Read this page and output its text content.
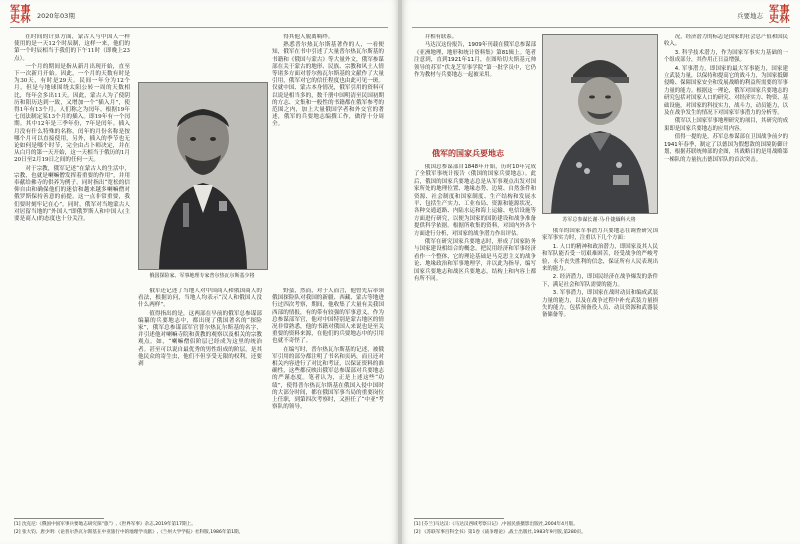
军事
史林 2020年03期

在时间的计算方面，蒙古人与中国人一样使用的是一天12个时辰制，这样一来，他们的第一个时辰相当于我们的下午11时（即晚上23点）。

一个月的期间是指从新月出现开始，直至下一次新月开始。因此，一个月的天数有时是为30天，有时是29天。民间一年分为12个月，但是与地球围绕太阳公转一周的天数相比，每年会多出11天。因此，蒙古人为了使阴历和阳历达到一致，又增加一个“插入月”，使得1年有13个月。人们称之为闰年。根据19年七闰法制定某13个月的插入。即19年有一个闰期。其中12年是三季年份，7年是闰年。插入月没有什么特殊的名称，闰年的月份名称是按哪个月可以直接使用，另外，插入的季节也无论如何是哪个时节，完全由占卜师决定，并在从白月的第一天开始，这一天相当于俄历的1月20日至2月19日之间的任何一天。

对于宗教，俄军记述“在蒙古人的生活中，宗教，也就是喇嘛僧发挥着重要的作用”，并用奉献给佛寺的供养为例子。同时指出“宽松的信仰自由和确保他们的迷信和越来越多喇嘛僧对俄罗斯保持善意的前提。这一点非常重要，我们要时刻牢记在心”。同时，俄军对当地蒙古人对居留当地的“外国人”即俄罗斯人和中国人(主要是商人)的态度也十分关注。

俄国探险家、军事地理专家普尔热瓦尔斯基少将

得其他人脱离羁绊。

熟悉普尔热瓦尔斯基著作的人，一看便知，俄军在书中引述了大量普尔热瓦尔斯基的书籍和《俄国与蒙古》等大量外文，俄军参谋部在关于蒙古的地形、民族、宗教和风土人情等诸多方面对普尔热瓦尔斯基的文献作了大量引用，俄军对它的信任程度也由此可见一斑。仅就中国、蒙古本身情况，俄军引用的资料可以说是相当多的，数千册中国明清至民国初期的方志、文集和一般性的书籍都在俄军参考的范围之内，加上大量俄国学者和外交官的著述，俄军的兵要地志编撰工作，做得十分周全。

俄军还记述了当地人对中国商人和俄国商人的看法，根据访问，当地人均表示“汉人和俄国人没什么两样”。

值得指出的是，这两部在早前的俄军总参谋部编纂的兵要地志中，都出现了俄国著名的“探险家”，俄军总参谋部军官普尔热瓦尔斯基的名字，并引述他对喇嘛寺院和黄教的观察以及相关的宗教观点。如，“喇嘛僧侣阶层已经成为这里的统治者。甚至可以说自最优秀的男性组成的阶层，是其他民众的寄生虫，他们不但享受无限的权利，还要剥

野蛮，然而，对于人而言，他曾先后率领俄国探险队对我国的新疆、西藏、蒙古等地进行过四次考察，期间，他收集了大量有关我国西部的情报，有的带有较强的军事意义。作为总参谋部军官，他对中国特别是蒙古地区的情况非常熟悉，他的书籍对俄国人来说也是至关重要的资料来源，在他们的兵要地志中的引用也就不奇怪了。

在编写时，普尔热瓦尔斯基的记述，被俄军引用的部分都注明了书名和页码，而且还对相关内容进行了对比和考证，以保证资料的准确性，这些都反映出俄军总参谋部对兵要地志的严谨态度。笔者认为，正是上述这些“功绩”，使得普尔热瓦尔斯基在俄国入侵中国时的大部分时间，都在俄国军事当局的重要岗位上任职，到第四次考察时，又担任了“中亚”考察队的领导。

[1] 沈克尼:《俄国中国军事兵要地志研究探“旅”》,《世界军事》杂志,2019年第17期上。
[2] 张大钧、唐少明:《论普尔热瓦尔斯基在中亚旅行中的地理学贡献》,《兰州大学学报》社科版,1986年第1期。
兵要地志 军事
史林

并相有联系。

马达汉这份报告，1909年刊载在俄军总参谋部《亚洲地理、地形和统计资料集》第81辑上。笔者注意到，直到1921年11月，在图哈切夫斯基元帅领导的苏军“伏龙芝军事学院”第一批学员中，它仍作为教材与兵要地志一起被采用。

俄军的国家兵要地志

俄国总参谋部自1848年开始，历时10年完成了全俄军事统计报告（俄国的国家兵要地志）。此后，俄国的国家兵要地志总是从军事观点出发对国家所处的地理位置、地缘态势、边境、自然条件和资源、社会制度和国家制度、生产结构和发展水平、包括生产实力、工业布局、资源和能源状况、各种交通道路、内陆水运和海上运输、电信设施等方面进行研究，以便为国家的国防建设和战争准备提供科学依据。根据所收集的资料，对国内外各个方面进行分析，对国家的战争潜力作出评估。

俄军在研究国家兵要地志时，形成了国家防务与国家建设相结合的概念，把民用经济和军事经济看作一个整体，它的理论基础是马克思主义的战争论、地缘政治和军事地理学，并以此为指导，编写国家兵要地志和战区兵要地志，结构上和内容上都有所不同。

苏军总参谋长谢·马·什捷缅科大将

俄军的国家军事潜力兵要地志在调查研究国家军事实力时，注重以下几个方面：

1. 人口的精神和政治潜力，即国家及其人民和军队能否受一切艰难困苦，经受战争的严峻考验，永不丧失胜利的信念，保证所有人民表现出来的能力。

2. 经济潜力，即国民经济在战争爆发的条件下，满足社会和军队需要的能力。

3. 军事潜力，即国家在战时动员和编成武装力量的能力，以及在战争过程中补充武装力量损失的能力，包括预备役人员、动员资源和武器装备储备等。

况，经济潜力的标志是国家的社会总产值和国民收入。

3. 科学技术潜力，作为国家军事实力基础的一个组成部分，其作用正日益增强。

4. 军事潜力，即国家的最大军事能力，国家建立武装力量，以保持和提高它的战斗力，为国家抵御侵略、保障国家安全和发展战略的利益所需要的军事力量的能力。根据这一理论，俄军对国家兵要地志的研究包括对国家人口的研究、对经济实力、物资、基础设施，对国家的科技实力，战斗力，动员能力，以及在战争发生的情况下对国家军事潜力的分析等。

俄军以上国家军事地理研究的项目，其研究的成果即是国家兵要地志的应用内容。

值得一提的是，苏军总参谋部在卫国战争前夕的1941年春季，制定了以德国为假想敌的国境防御计划，根据苏联统帅部的企图，其战略目的是用战略第一梯队的力量抗击德国军队的首次突击。

[1] [芬兰]马达汉:《马达汉西域考察日记》,中国民族摄影出版社,2004年4月版。
[2] 《苏联军事百科全书》第1卷《战争理论》,战士出版社,1983年9月版,第280页。
